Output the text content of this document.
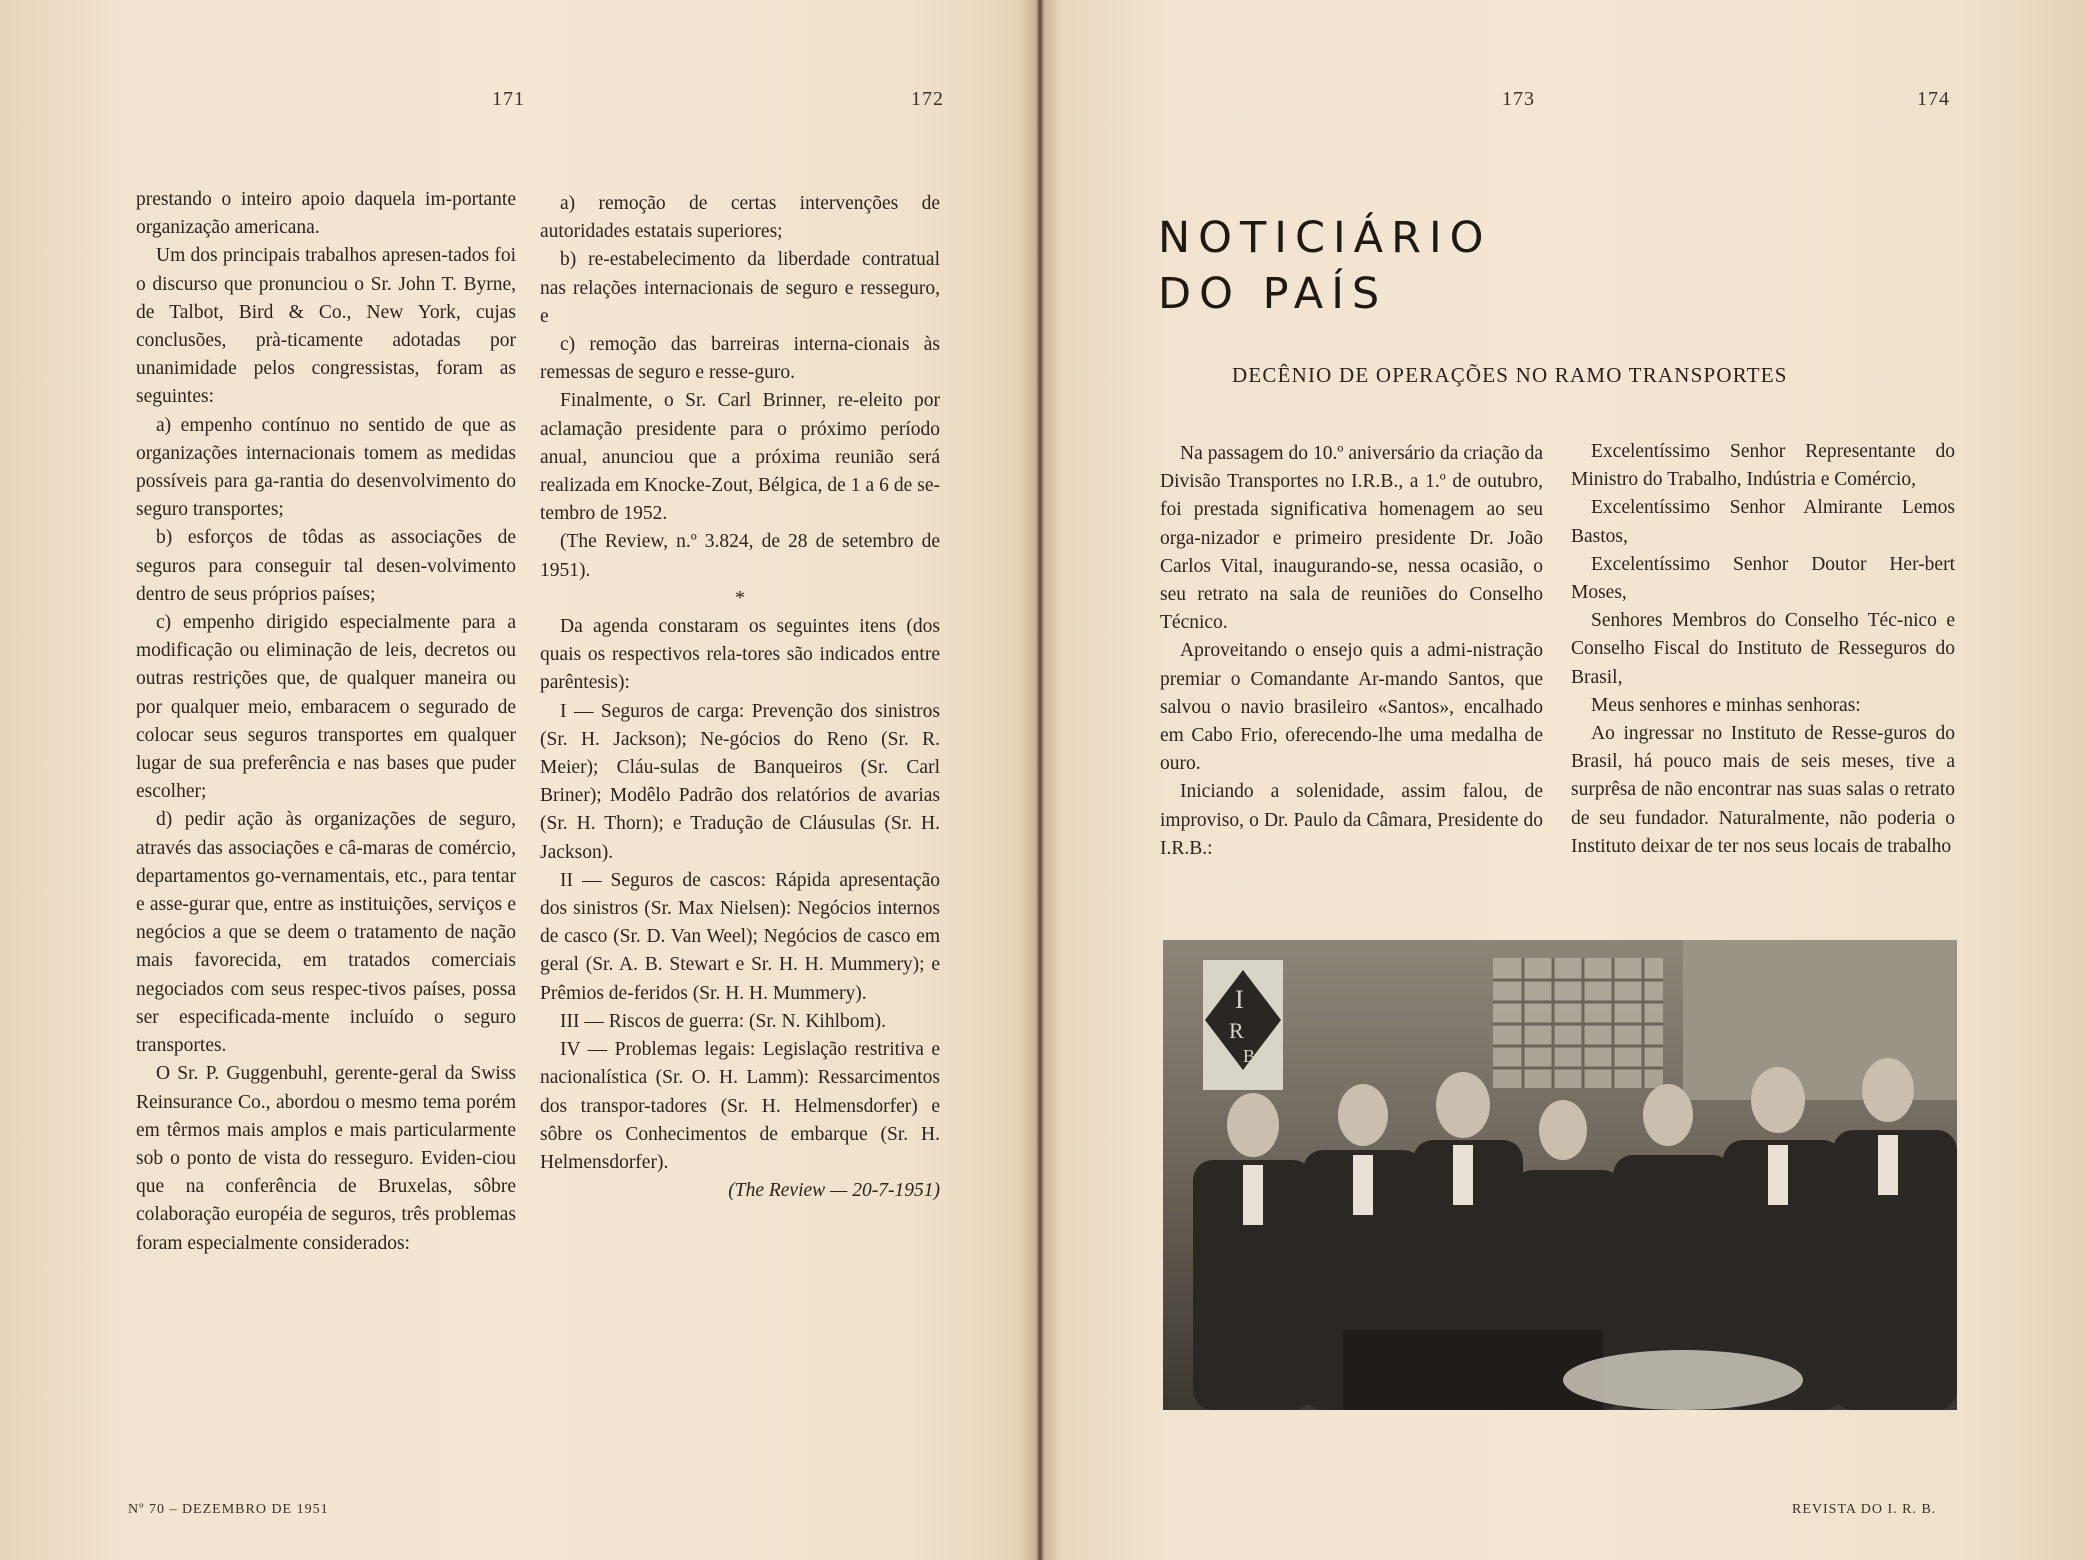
171	172	173	174

prestando o inteiro apoio daquela im-portante organização americana.

Um dos principais trabalhos apresen-tados foi o discurso que pronunciou o Sr. John T. Byrne, de Talbot, Bird & Co., New York, cujas conclusões, prà-ticamente adotadas por unanimidade pelos congressistas, foram as seguintes:

a) empenho contínuo no sentido de que as organizações internacionais tomem as medidas possíveis para ga-rantia do desenvolvimento do seguro transportes;

b) esforços de tôdas as associações de seguros para conseguir tal desen-volvimento dentro de seus próprios países;

c) empenho dirigido especialmente para a modificação ou eliminação de leis, decretos ou outras restrições que, de qualquer maneira ou por qualquer meio, embaracem o segurado de colocar seus seguros transportes em qualquer lugar de sua preferência e nas bases que puder escolher;

d) pedir ação às organizações de seguro, através das associações e câ-maras de comércio, departamentos go-vernamentais, etc., para tentar e asse-gurar que, entre as instituições, serviços e negócios a que se deem o tratamento de nação mais favorecida, em tratados comerciais negociados com seus respec-tivos países, possa ser especificada-mente incluído o seguro transportes.

O Sr. P. Guggenbuhl, gerente-geral da Swiss Reinsurance Co., abordou o mesmo tema porém em têrmos mais amplos e mais particularmente sob o ponto de vista do resseguro. Eviden-ciou que na conferência de Bruxelas, sôbre colaboração européia de seguros, três problemas foram especialmente considerados:

a) remoção de certas intervenções de autoridades estatais superiores;

b) re-estabelecimento da liberdade contratual nas relações internacionais de seguro e resseguro, e

c) remoção das barreiras interna-cionais às remessas de seguro e resse-guro.

Finalmente, o Sr. Carl Brinner, re-eleito por aclamação presidente para o próximo período anual, anunciou que a próxima reunião será realizada em Knocke-Zout, Bélgica, de 1 a 6 de se-tembro de 1952.

(The Review, n.º 3.824, de 28 de setembro de 1951).

*

Da agenda constaram os seguintes itens (dos quais os respectivos rela-tores são indicados entre parêntesis):

I — Seguros de carga: Prevenção dos sinistros (Sr. H. Jackson); Ne-gócios do Reno (Sr. R. Meier); Cláu-sulas de Banqueiros (Sr. Carl Briner); Modêlo Padrão dos relatórios de avarias (Sr. H. Thorn); e Tradução de Cláusulas (Sr. H. Jackson).

II — Seguros de cascos: Rápida apresentação dos sinistros (Sr. Max Nielsen): Negócios internos de casco (Sr. D. Van Weel); Negócios de casco em geral (Sr. A. B. Stewart e Sr. H. H. Mummery); e Prêmios de-feridos (Sr. H. H. Mummery).

III — Riscos de guerra: (Sr. N. Kihlbom).

IV — Problemas legais: Legislação restritiva e nacionalística (Sr. O. H. Lamm): Ressarcimentos dos transpor-tadores (Sr. H. Helmensdorfer) e sôbre os Conhecimentos de embarque (Sr. H. Helmensdorfer).

(The Review — 20-7-1951)

NOTICIÁRIO
DO PAÍS
DECÊNIO DE OPERAÇÕES NO RAMO TRANSPORTES

Na passagem do 10.º aniversário da criação da Divisão Transportes no I.R.B., a 1.º de outubro, foi prestada significativa homenagem ao seu orga-nizador e primeiro presidente Dr. João Carlos Vital, inaugurando-se, nessa ocasião, o seu retrato na sala de reuniões do Conselho Técnico.

Aproveitando o ensejo quis a admi-nistração premiar o Comandante Ar-mando Santos, que salvou o navio brasileiro «Santos», encalhado em Cabo Frio, oferecendo-lhe uma medalha de ouro.

Iniciando a solenidade, assim falou, de improviso, o Dr. Paulo da Câmara, Presidente do I.R.B.:

Excelentíssimo Senhor Representante do Ministro do Trabalho, Indústria e Comércio,

Excelentíssimo Senhor Almirante Lemos Bastos,

Excelentíssimo Senhor Doutor Her-bert Moses,

Senhores Membros do Conselho Téc-nico e Conselho Fiscal do Instituto de Resseguros do Brasil,

Meus senhores e minhas senhoras:

Ao ingressar no Instituto de Resse-guros do Brasil, há pouco mais de seis meses, tive a surprêsa de não encontrar nas suas salas o retrato de seu fundador. Naturalmente, não poderia o Instituto deixar de ter nos seus locais de trabalho

I
R
B
Nº 70 – DEZEMBRO DE 1951	REVISTA DO I. R. B.
